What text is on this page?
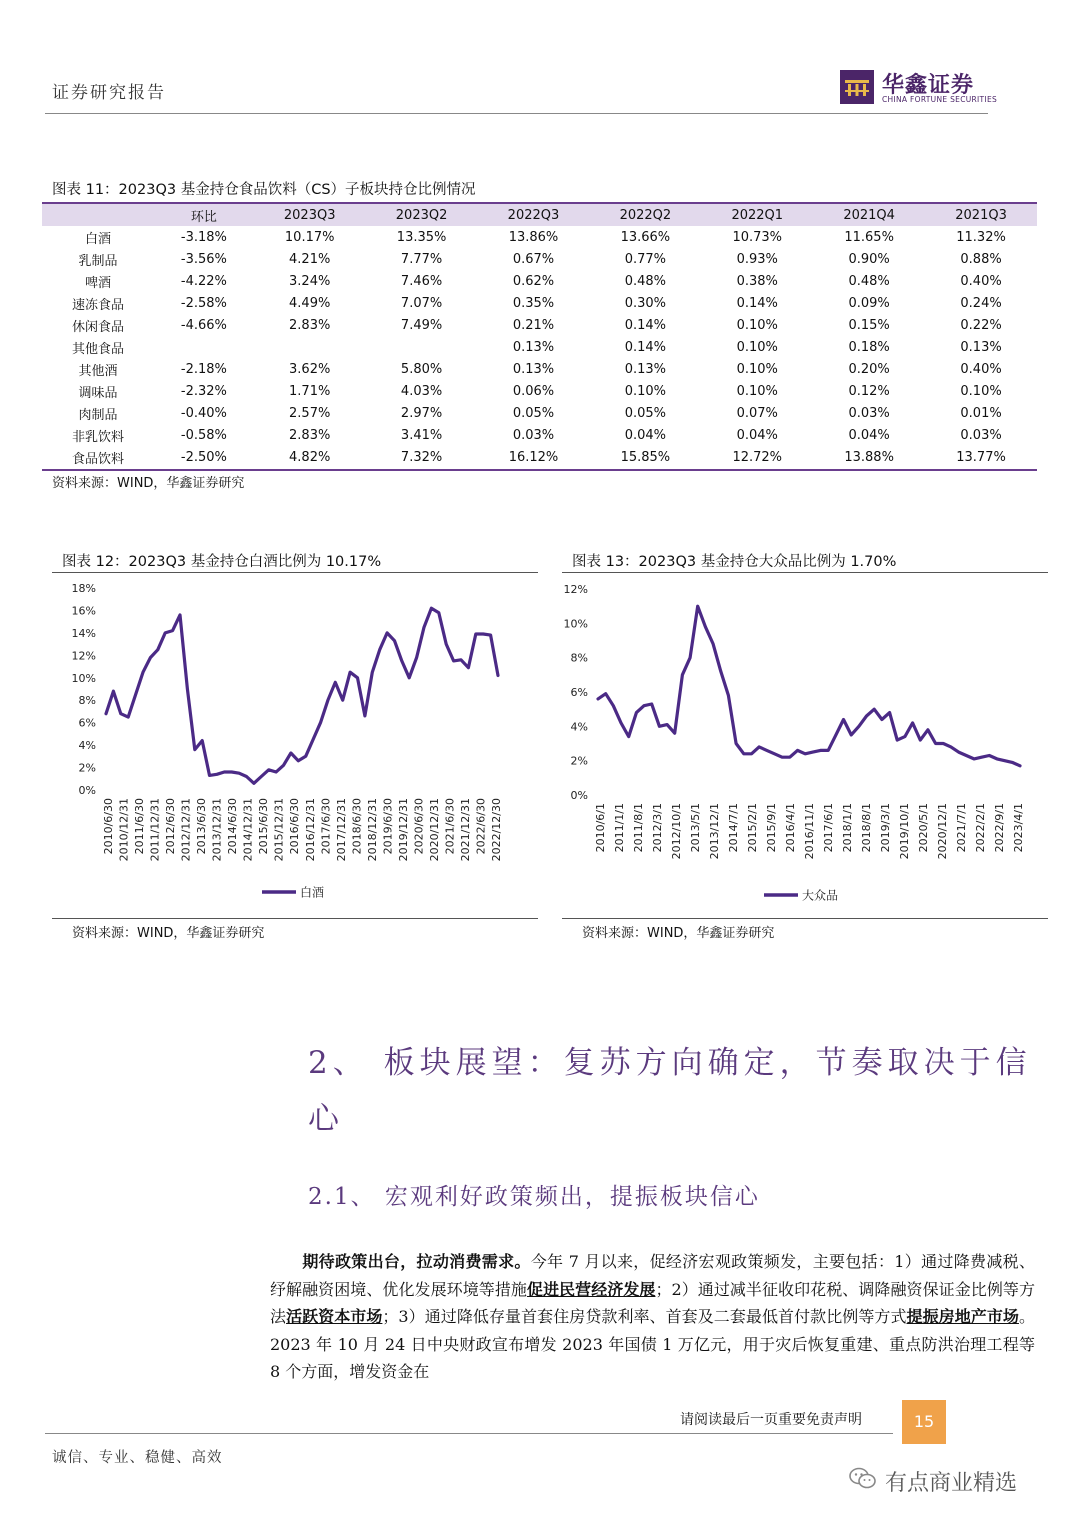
证券研究报告	华鑫证券
CHINA FORTUNE SECURITIES
图表 11：2023Q3 基金持仓食品饮料（CS）子板块持仓比例情况
	环比	2023Q3	2023Q2	2022Q3	2022Q2	2022Q1	2021Q4	2021Q3
白酒	-3.18%	10.17%	13.35%	13.86%	13.66%	10.73%	11.65%	11.32%
乳制品	-3.56%	4.21%	7.77%	0.67%	0.77%	0.93%	0.90%	0.88%
啤酒	-4.22%	3.24%	7.46%	0.62%	0.48%	0.38%	0.48%	0.40%
速冻食品	-2.58%	4.49%	7.07%	0.35%	0.30%	0.14%	0.09%	0.24%
休闲食品	-4.66%	2.83%	7.49%	0.21%	0.14%	0.10%	0.15%	0.22%
其他食品				0.13%	0.14%	0.10%	0.18%	0.13%
其他酒	-2.18%	3.62%	5.80%	0.13%	0.13%	0.10%	0.20%	0.40%
调味品	-2.32%	1.71%	4.03%	0.06%	0.10%	0.10%	0.12%	0.10%
肉制品	-0.40%	2.57%	2.97%	0.05%	0.05%	0.07%	0.03%	0.01%
非乳饮料	-0.58%	2.83%	3.41%	0.03%	0.04%	0.04%	0.04%	0.03%
食品饮料	-2.50%	4.82%	7.32%	16.12%	15.85%	12.72%	13.88%	13.77%
资料来源：WIND，华鑫证券研究
图表 12：2023Q3 基金持仓白酒比例为 10.17%
0%
2%
4%
6%
8%
10%
12%
14%
16%
18%
2010/6/30 2010/12/31 2011/6/30 2011/12/31 2012/6/30 2012/12/31 2013/6/30 2013/12/31 2014/6/30 2014/12/31 2015/6/30 2015/12/31 2016/6/30 2016/12/31 2017/6/30 2017/12/31 2018/6/30 2018/12/31 2019/6/30 2019/12/31 2020/6/30 2020/12/31 2021/6/30 2021/12/31 2022/6/30 2022/12/30
白酒
资料来源：WIND，华鑫证券研究
图表 13：2023Q3 基金持仓大众品比例为 1.70%
0%
2%
4%
6%
8%
10%
12%
2010/6/1 2011/1/1 2011/8/1 2012/3/1 2012/10/1 2013/5/1 2013/12/1 2014/7/1 2015/2/1 2015/9/1 2016/4/1 2016/11/1 2017/6/1 2018/1/1 2018/8/1 2019/3/1 2019/10/1 2020/5/1 2020/12/1 2021/7/1 2022/2/1 2022/9/1 2023/4/1
大众品
资料来源：WIND，华鑫证券研究
2、 板块展望：复苏方向确定，节奏取决于信心
2.1、 宏观利好政策频出，提振板块信心
期待政策出台，拉动消费需求。今年 7 月以来，促经济宏观政策频发，主要包括：1）通过降费减税、纾解融资困境、优化发展环境等措施促进民营经济发展；2）通过减半征收印花税、调降融资保证金比例等方法活跃资本市场；3）通过降低存量首套住房贷款利率、首套及二套最低首付款比例等方式提振房地产市场。2023 年 10 月 24 日中央财政宣布增发 2023 年国债 1 万亿元，用于灾后恢复重建、重点防洪治理工程等 8 个方面，增发资金在
请阅读最后一页重要免责声明	15
诚信、专业、稳健、高效
有点商业精选
